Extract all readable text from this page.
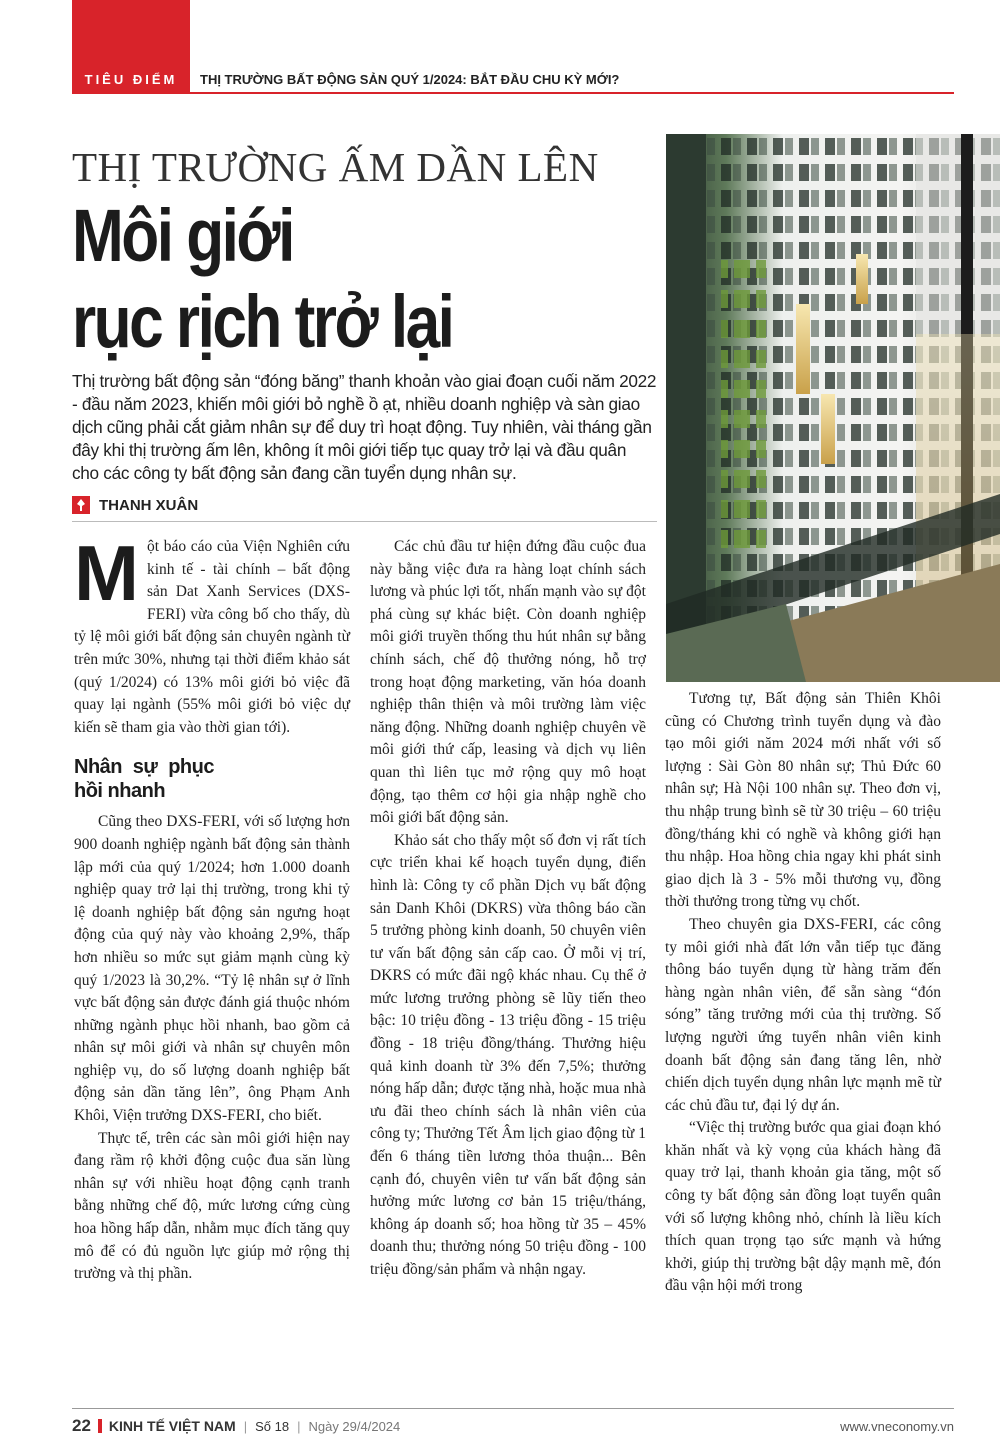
TIÊU ĐIỂM	THỊ TRƯỜNG BẤT ĐỘNG SẢN QUÝ 1/2024: BẮT ĐẦU CHU KỲ MỚI?
THỊ TRƯỜNG ẤM DẦN LÊN
Môi giới
rục rịch trở lại
Thị trường bất động sản “đóng băng” thanh khoản vào giai đoạn cuối năm 2022 - đầu năm 2023, khiến môi giới bỏ nghề ồ ạt, nhiều doanh nghiệp và sàn giao dịch cũng phải cắt giảm nhân sự để duy trì hoạt động. Tuy nhiên, vài tháng gần đây khi thị trường ấm lên, không ít môi giới tiếp tục quay trở lại và đầu quân cho các công ty bất động sản đang cần tuyển dụng nhân sự.
THANH XUÂN

Một báo cáo của Viện Nghiên cứu kinh tế - tài chính – bất động sản Dat Xanh Services (DXS-FERI) vừa công bố cho thấy, dù tỷ lệ môi giới bất động sản chuyên ngành từ trên mức 30%, nhưng tại thời điểm khảo sát (quý 1/2024) có 13% môi giới bỏ việc đã quay lại ngành (55% môi giới bỏ việc dự kiến sẽ tham gia vào thời gian tới).

Nhân sự phục hồi nhanh

Cũng theo DXS-FERI, với số lượng hơn 900 doanh nghiệp ngành bất động sản thành lập mới của quý 1/2024; hơn 1.000 doanh nghiệp quay trở lại thị trường, trong khi tỷ lệ doanh nghiệp bất động sản ngưng hoạt động của quý này vào khoảng 2,9%, thấp hơn nhiều so mức sụt giảm mạnh cùng kỳ quý 1/2023 là 30,2%. “Tỷ lệ nhân sự ở lĩnh vực bất động sản được đánh giá thuộc nhóm những ngành phục hồi nhanh, bao gồm cả nhân sự môi giới và nhân sự chuyên môn nghiệp vụ, do số lượng doanh nghiệp bất động sản dần tăng lên”, ông Phạm Anh Khôi, Viện trưởng DXS-FERI, cho biết.

Thực tế, trên các sàn môi giới hiện nay đang rầm rộ khởi động cuộc đua săn lùng nhân sự với nhiều hoạt động cạnh tranh bằng những chế độ, mức lương cứng cùng hoa hồng hấp dẫn, nhằm mục đích tăng quy mô để có đủ nguồn lực giúp mở rộng thị trường và thị phần.

Các chủ đầu tư hiện đứng đầu cuộc đua này bằng việc đưa ra hàng loạt chính sách lương và phúc lợi tốt, nhấn mạnh vào sự đột phá cùng sự khác biệt. Còn doanh nghiệp môi giới truyền thống thu hút nhân sự bằng chính sách, chế độ thưởng nóng, hỗ trợ trong hoạt động marketing, văn hóa doanh nghiệp thân thiện và môi trường làm việc năng động. Những doanh nghiệp chuyên về môi giới thứ cấp, leasing và dịch vụ liên quan thì liên tục mở rộng quy mô hoạt động, tạo thêm cơ hội gia nhập nghề cho môi giới bất động sản.

Khảo sát cho thấy một số đơn vị rất tích cực triển khai kế hoạch tuyển dụng, điển hình là: Công ty cổ phần Dịch vụ bất động sản Danh Khôi (DKRS) vừa thông báo cần 5 trưởng phòng kinh doanh, 50 chuyên viên tư vấn bất động sản cấp cao. Ở mỗi vị trí, DKRS có mức đãi ngộ khác nhau. Cụ thể ở mức lương trưởng phòng sẽ lũy tiến theo bậc: 10 triệu đồng - 13 triệu đồng - 15 triệu đồng - 18 triệu đồng/tháng. Thưởng hiệu quả kinh doanh từ 3% đến 7,5%; thưởng nóng hấp dẫn; được tặng nhà, hoặc mua nhà ưu đãi theo chính sách là nhân viên của công ty; Thưởng Tết Âm lịch giao động từ 1 đến 6 tháng tiền lương thỏa thuận... Bên cạnh đó, chuyên viên tư vấn bất động sản hưởng mức lương cơ bản 15 triệu/tháng, không áp doanh số; hoa hồng từ 35 – 45% doanh thu; thưởng nóng 50 triệu đồng - 100 triệu đồng/sản phẩm và nhận ngay.

Tương tự, Bất động sản Thiên Khôi cũng có Chương trình tuyển dụng và đào tạo môi giới năm 2024 mới nhất với số lượng : Sài Gòn 80 nhân sự; Thủ Đức 60 nhân sự; Hà Nội 100 nhân sự. Theo đơn vị, thu nhập trung bình sẽ từ 30 triệu – 60 triệu đồng/tháng khi có nghề và không giới hạn thu nhập. Hoa hồng chia ngay khi phát sinh giao dịch là 3 - 5% mỗi thương vụ, đồng thời thưởng trong từng vụ chốt.

Theo chuyên gia DXS-FERI, các công ty môi giới nhà đất lớn vẫn tiếp tục đăng thông báo tuyển dụng từ hàng trăm đến hàng ngàn nhân viên, để sẵn sàng “đón sóng” tăng trưởng mới của thị trường. Số lượng người ứng tuyển nhân viên kinh doanh bất động sản đang tăng lên, nhờ chiến dịch tuyển dụng nhân lực mạnh mẽ từ các chủ đầu tư, đại lý dự án.

“Việc thị trường bước qua giai đoạn khó khăn nhất và kỳ vọng của khách hàng đã quay trở lại, thanh khoản gia tăng, một số công ty bất động sản đồng loạt tuyển quân với số lượng không nhỏ, chính là liều kích thích quan trọng tạo sức mạnh và hứng khởi, giúp thị trường bật dậy mạnh mẽ, đón đầu vận hội mới trong

22 KINH TẾ VIỆT NAM | Số 18 | Ngày 29/4/2024	www.vneconomy.vn
